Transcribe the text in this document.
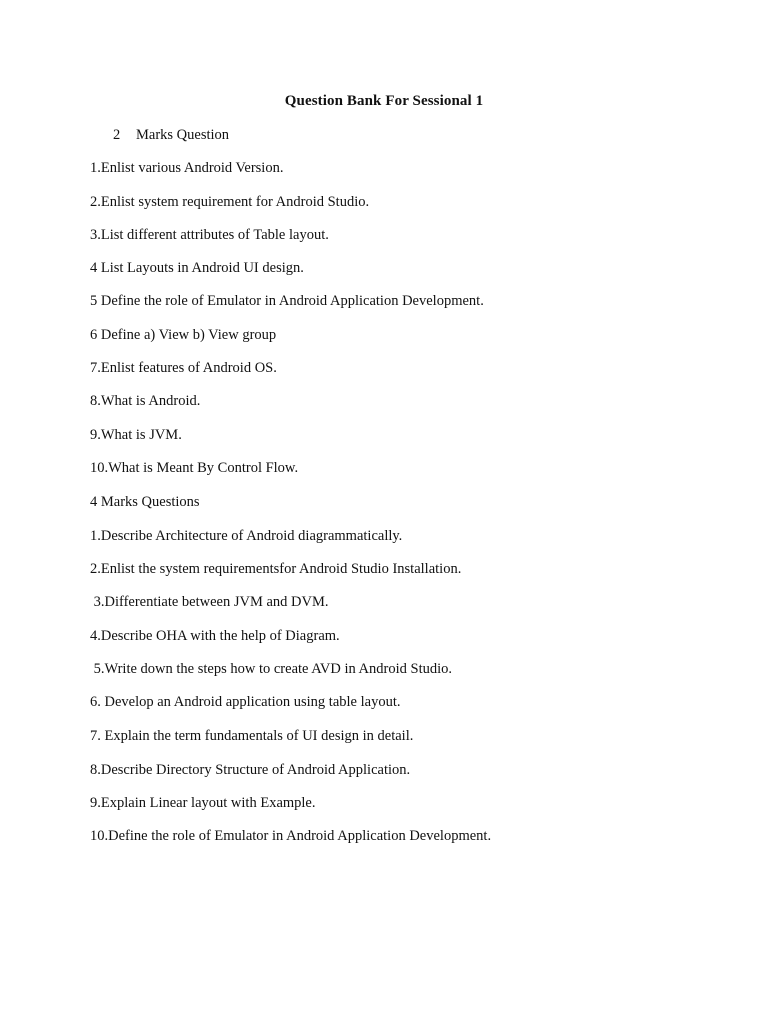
Question Bank For Sessional 1
2 Marks Question
1.Enlist various Android Version.
2.Enlist system requirement for Android Studio.
3.List different attributes of Table layout.
4 List Layouts in Android UI design.
5 Define the role of Emulator in Android Application Development.
6 Define a) View b) View group
7.Enlist features of Android OS.
8.What is Android.
9.What is JVM.
10.What is Meant By Control Flow.
4 Marks Questions
1.Describe Architecture of Android diagrammatically.
2.Enlist the system requirementsfor Android Studio Installation.
3.Differentiate between JVM and DVM.
4.Describe OHA with the help of Diagram.
5.Write down the steps how to create AVD in Android Studio.
6. Develop an Android application using table layout.
7. Explain the term fundamentals of UI design in detail.
8.Describe Directory Structure of Android Application.
9.Explain Linear layout with Example.
10.Define the role of Emulator in Android Application Development.
